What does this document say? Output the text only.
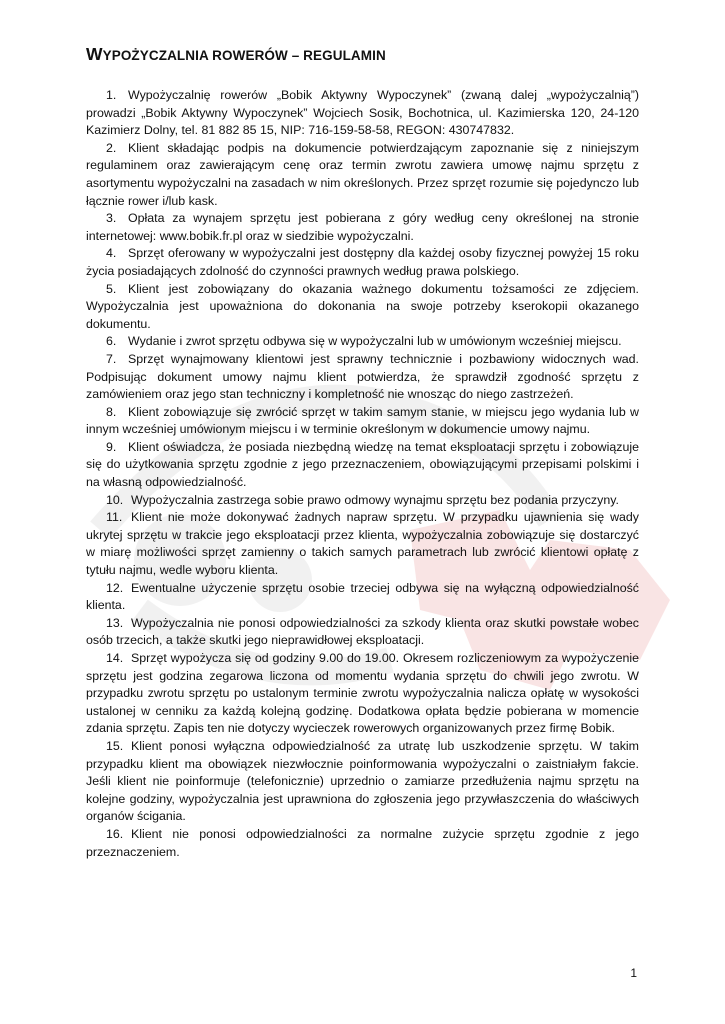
WYPOŻYCZALNIA ROWERÓW – REGULAMIN

1. Wypożyczalnię rowerów „Bobik Aktywny Wypoczynek” (zwaną dalej „wypożyczalnią”) prowadzi „Bobik Aktywny Wypoczynek” Wojciech Sosik, Bochotnica, ul. Kazimierska 120, 24-120 Kazimierz Dolny, tel. 81 882 85 15, NIP: 716-159-58-58, REGON: 430747832.

2. Klient składając podpis na dokumencie potwierdzającym zapoznanie się z niniejszym regulaminem oraz zawierającym cenę oraz termin zwrotu zawiera umowę najmu sprzętu z asortymentu wypożyczalni na zasadach w nim określonych. Przez sprzęt rozumie się pojedynczo lub łącznie rower i/lub kask.

3. Opłata za wynajem sprzętu jest pobierana z góry według ceny określonej na stronie internetowej: www.bobik.fr.pl oraz w siedzibie wypożyczalni.

4. Sprzęt oferowany w wypożyczalni jest dostępny dla każdej osoby fizycznej powyżej 15 roku życia posiadających zdolność do czynności prawnych według prawa polskiego.

5. Klient jest zobowiązany do okazania ważnego dokumentu tożsamości ze zdjęciem. Wypożyczalnia jest upoważniona do dokonania na swoje potrzeby kserokopii okazanego dokumentu.

6. Wydanie i zwrot sprzętu odbywa się w wypożyczalni lub w umówionym wcześniej miejscu.

7. Sprzęt wynajmowany klientowi jest sprawny technicznie i pozbawiony widocznych wad. Podpisując dokument umowy najmu klient potwierdza, że sprawdził zgodność sprzętu z zamówieniem oraz jego stan techniczny i kompletność nie wnosząc do niego zastrzeżeń.

8. Klient zobowiązuje się zwrócić sprzęt w takim samym stanie, w miejscu jego wydania lub w innym wcześniej umówionym miejscu i w terminie określonym w dokumencie umowy najmu.

9. Klient oświadcza, że posiada niezbędną wiedzę na temat eksploatacji sprzętu i zobowiązuje się do użytkowania sprzętu zgodnie z jego przeznaczeniem, obowiązującymi przepisami polskimi i na własną odpowiedzialność.

10. Wypożyczalnia zastrzega sobie prawo odmowy wynajmu sprzętu bez podania przyczyny.

11. Klient nie może dokonywać żadnych napraw sprzętu. W przypadku ujawnienia się wady ukrytej sprzętu w trakcie jego eksploatacji przez klienta, wypożyczalnia zobowiązuje się dostarczyć w miarę możliwości sprzęt zamienny o takich samych parametrach lub zwrócić klientowi opłatę z tytułu najmu, wedle wyboru klienta.

12. Ewentualne użyczenie sprzętu osobie trzeciej odbywa się na wyłączną odpowiedzialność klienta.

13. Wypożyczalnia nie ponosi odpowiedzialności za szkody klienta oraz skutki powstałe wobec osób trzecich, a także skutki jego nieprawidłowej eksploatacji.

14. Sprzęt wypożycza się od godziny 9.00 do 19.00. Okresem rozliczeniowym za wypożyczenie sprzętu jest godzina zegarowa liczona od momentu wydania sprzętu do chwili jego zwrotu. W przypadku zwrotu sprzętu po ustalonym terminie zwrotu wypożyczalnia nalicza opłatę w wysokości ustalonej w cenniku za każdą kolejną godzinę. Dodatkowa opłata będzie pobierana w momencie zdania sprzętu. Zapis ten nie dotyczy wycieczek rowerowych organizowanych przez firmę Bobik.

15. Klient ponosi wyłączna odpowiedzialność za utratę lub uszkodzenie sprzętu. W takim przypadku klient ma obowiązek niezwłocznie poinformowania wypożyczalni o zaistniałym fakcie. Jeśli klient nie poinformuje (telefonicznie) uprzednio o zamiarze przedłużenia najmu sprzętu na kolejne godziny, wypożyczalnia jest uprawniona do zgłoszenia jego przywłaszczenia do właściwych organów ścigania.

16. Klient nie ponosi odpowiedzialności za normalne zużycie sprzętu zgodnie z jego przeznaczeniem.

1
